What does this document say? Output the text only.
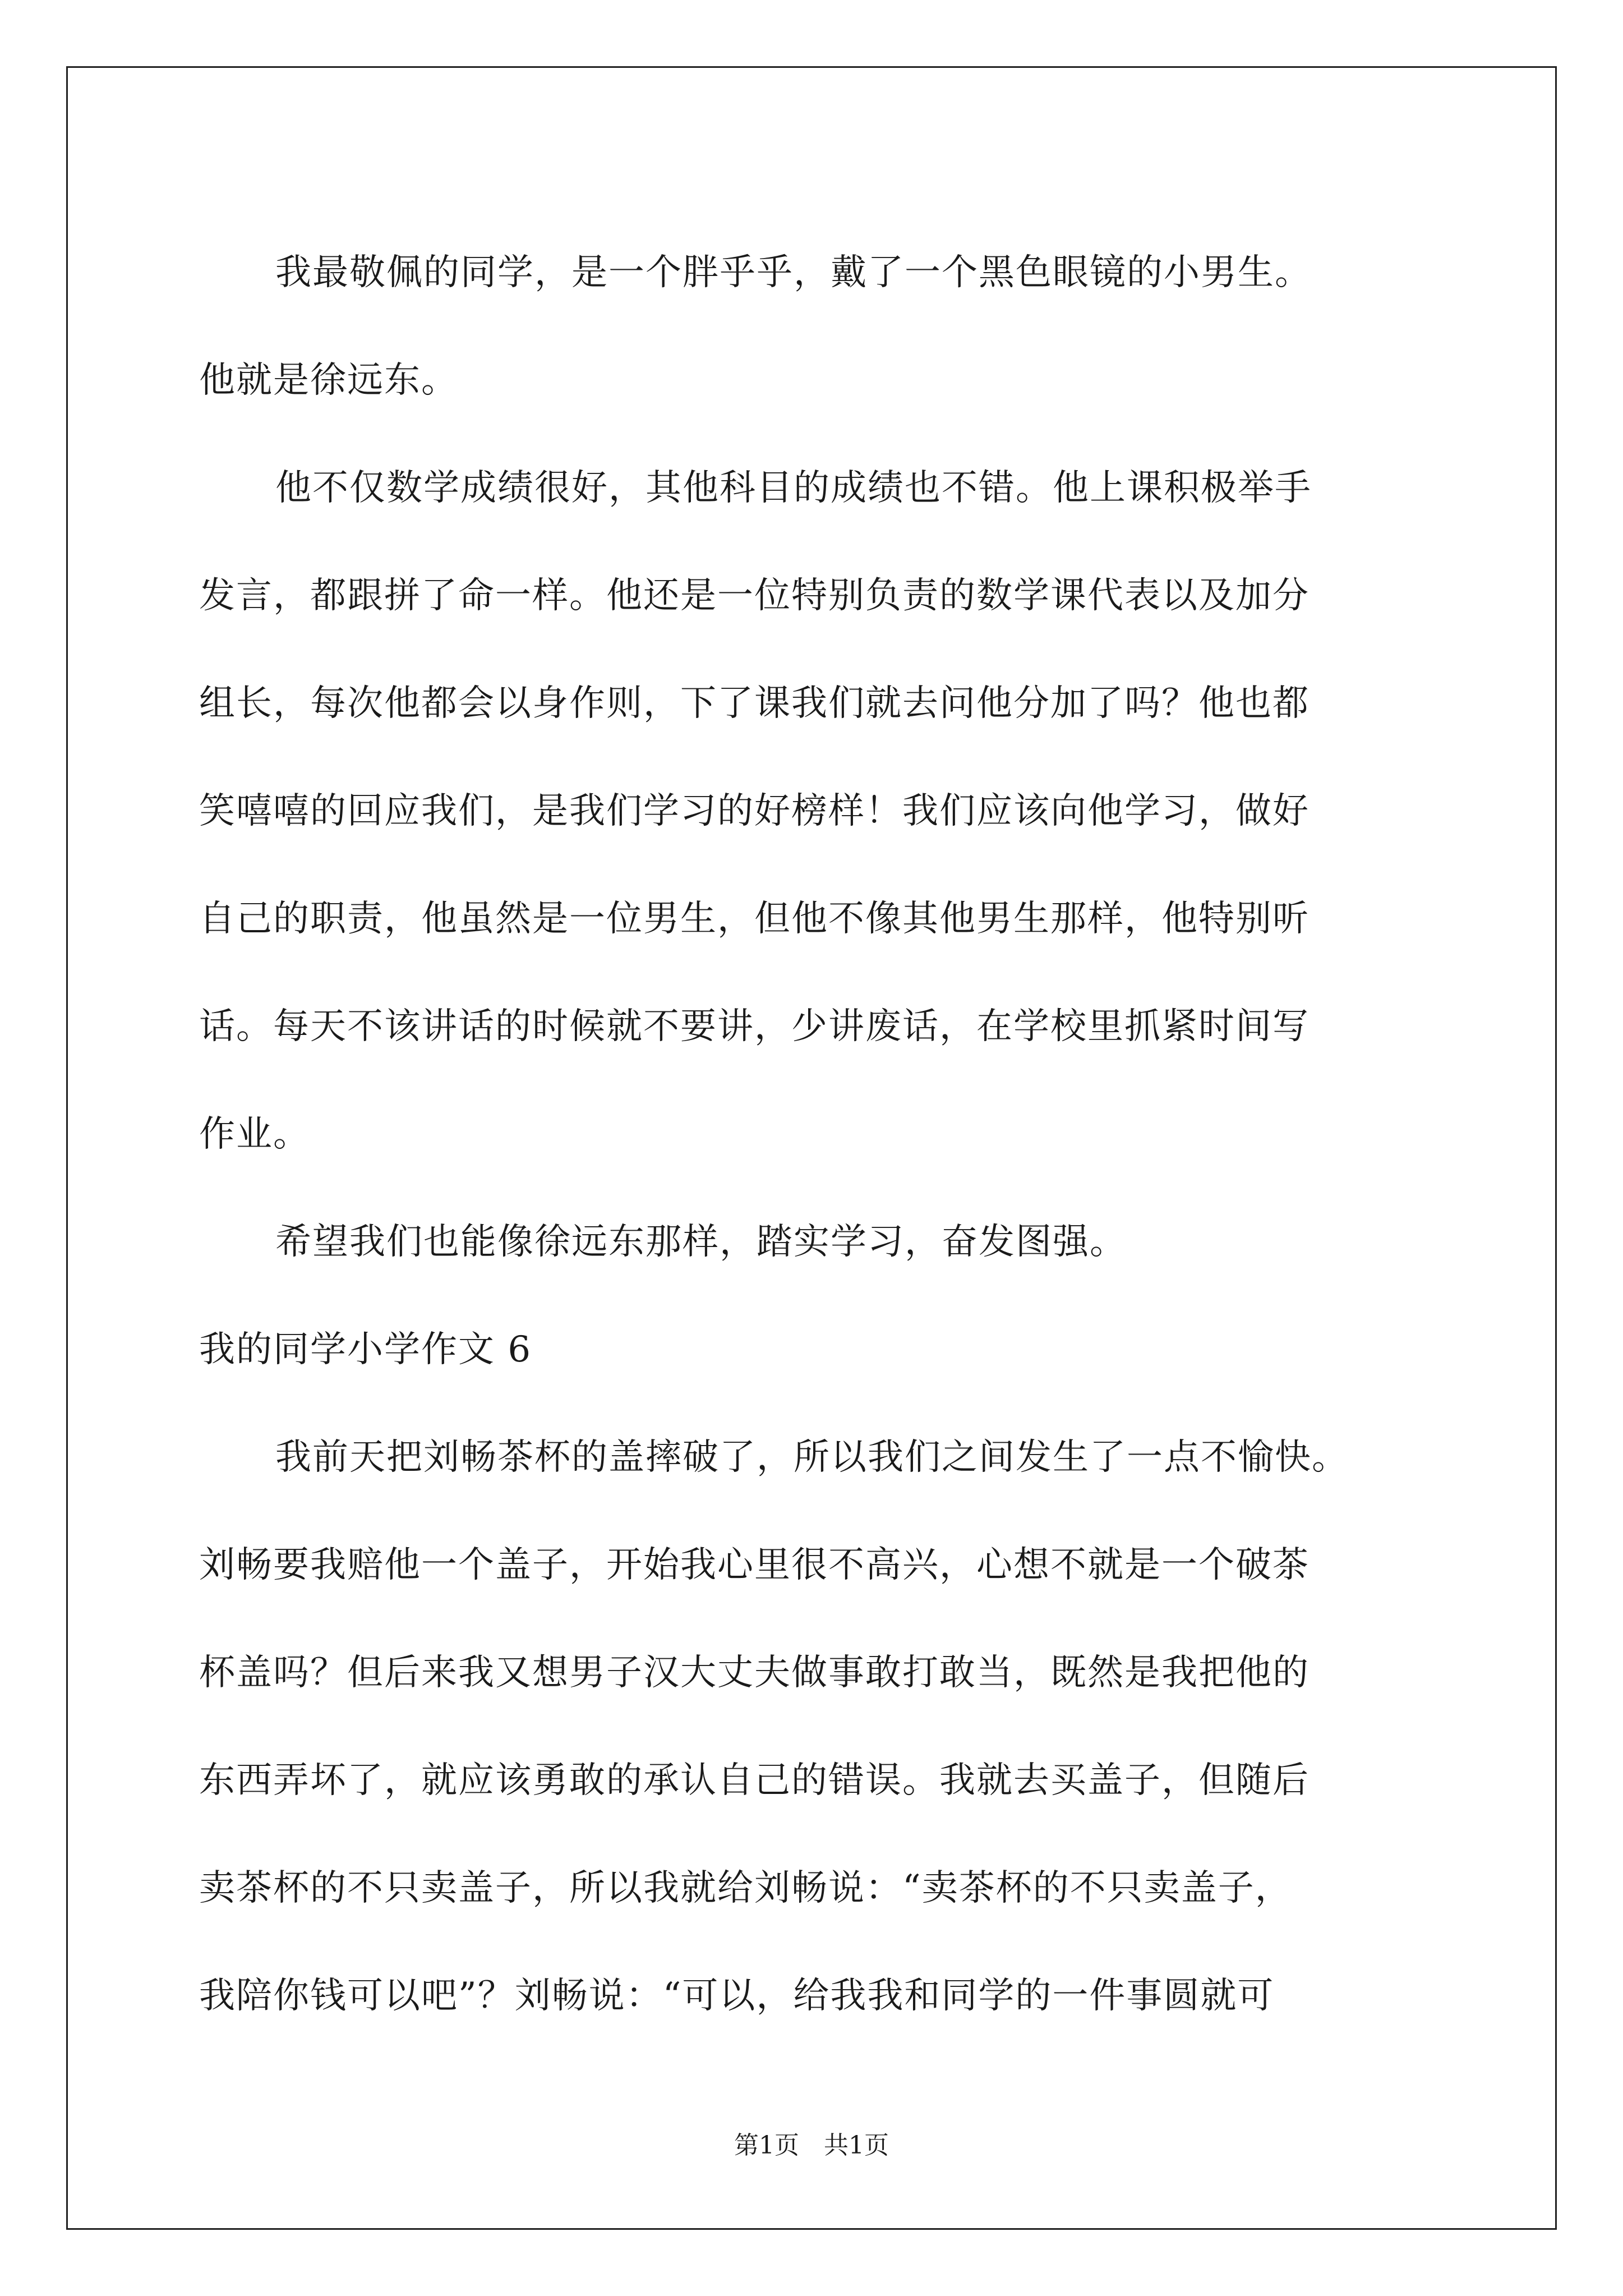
我最敬佩的同学，是一个胖乎乎，戴了一个黑色眼镜的小男生。
他就是徐远东。
他不仅数学成绩很好，其他科目的成绩也不错。他上课积极举手
发言，都跟拼了命一样。他还是一位特别负责的数学课代表以及加分
组长，每次他都会以身作则，下了课我们就去问他分加了吗？他也都
笑嘻嘻的回应我们，是我们学习的好榜样！我们应该向他学习，做好
自己的职责，他虽然是一位男生，但他不像其他男生那样，他特别听
话。每天不该讲话的时候就不要讲，少讲废话，在学校里抓紧时间写
作业。
希望我们也能像徐远东那样，踏实学习，奋发图强。
我的同学小学作文 6
我前天把刘畅茶杯的盖摔破了，所以我们之间发生了一点不愉快。
刘畅要我赔他一个盖子，开始我心里很不高兴，心想不就是一个破茶
杯盖吗？但后来我又想男子汉大丈夫做事敢打敢当，既然是我把他的
东西弄坏了，就应该勇敢的承认自己的错误。我就去买盖子，但随后
卖茶杯的不只卖盖子，所以我就给刘畅说：“卖茶杯的不只卖盖子，
我陪你钱可以吧”？刘畅说：“可以，给我我和同学的一件事圆就可
第1页 共1页
